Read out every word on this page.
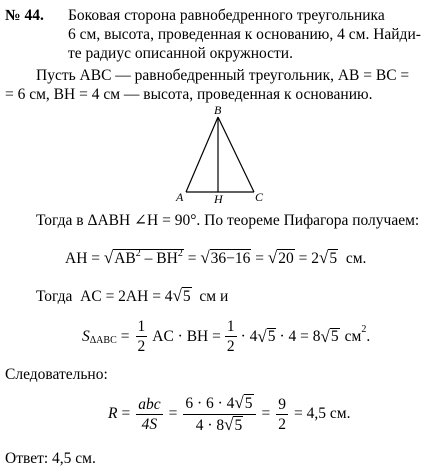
№ 44. Боковая сторона равнобедренного треугольника
6 см, высота, проведенная к основанию, 4 см. Найди-
те радиус описанной окружности.
Пусть ABC — равнобедренный треугольник, AB = BC =
= 6 см, BH = 4 см — высота, проведенная к основанию.
B
A	H	C
Тогда в ΔABH ∠H = 90°. По теореме Пифагора получаем:
AH = $√AB^2 - BH^2 = √36-16 = √20 = 2√5$ см.
Тогда AC = 2AH = 4√5 см и
S $\Delta ABC = \frac{1}{2}$ AC · BH = $\frac{1}{2} \cdot 4$ √ 5 · 4 = 8 √ 5 см 2 .
Следовательно:
$R = \frac{\text{abc}}{4S} = \frac{6 \cdot 6 \cdot 4√5}{4 \cdot 8√5} = \frac{9}{2} = 4,5$ см.
Ответ: 4,5 см.
